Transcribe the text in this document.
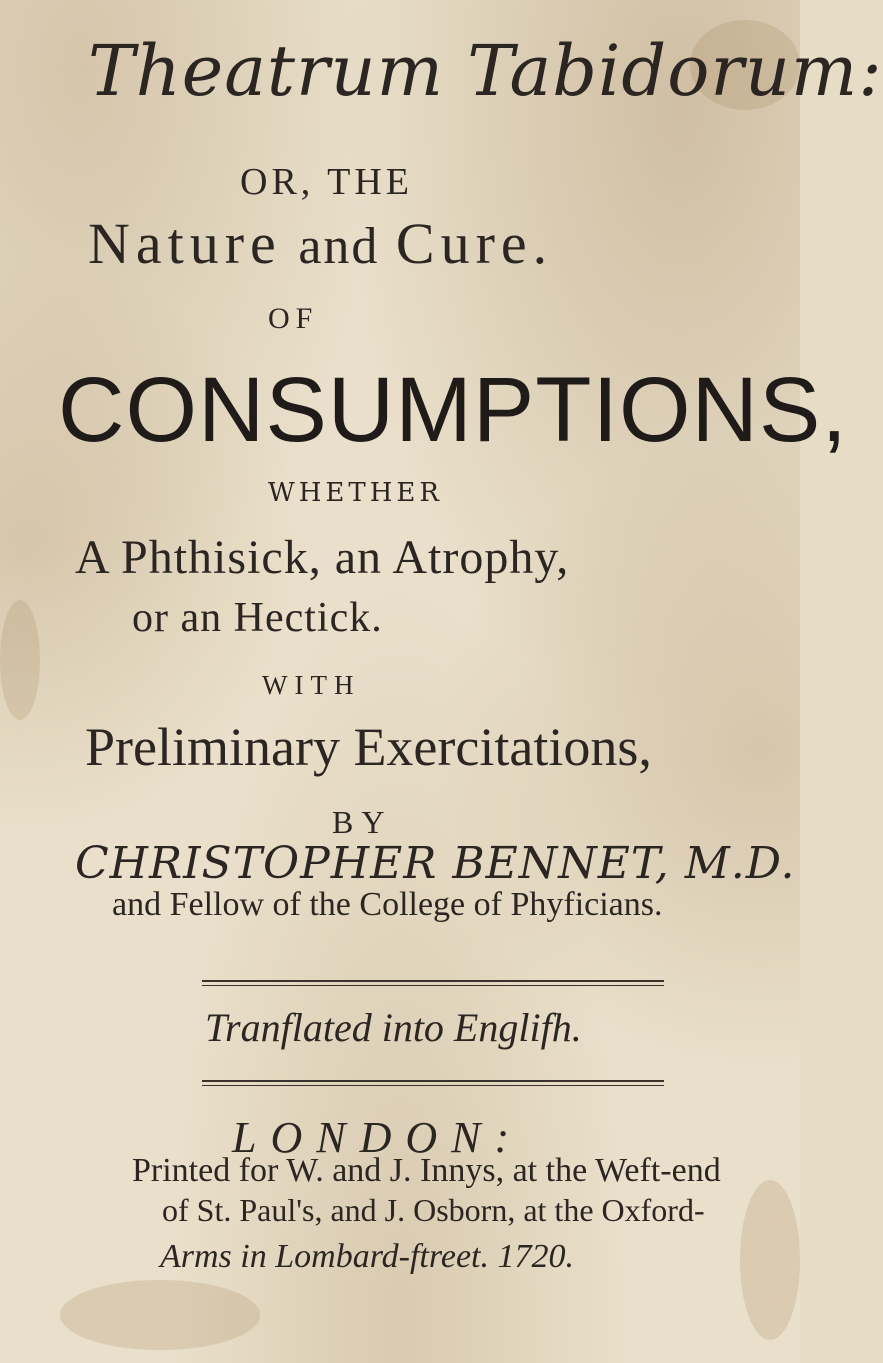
Theatrum Tabidorum:
OR, THE
Nature and Cure.
OF
CONSUMPTIONS,
WHETHER
A Phthisick, an Atrophy,
or an Hectick.
WITH
Preliminary Exercitations,
BY
CHRISTOPHER BENNET, M.D.
and Fellow of the College of Phyficians.
Tranflated into Englifh.
LONDON:
Printed for W. and J. Innys, at the Weft-end
of St. Paul's, and J. Osborn, at the Oxford-
Arms in Lombard-ftreet. 1720.
